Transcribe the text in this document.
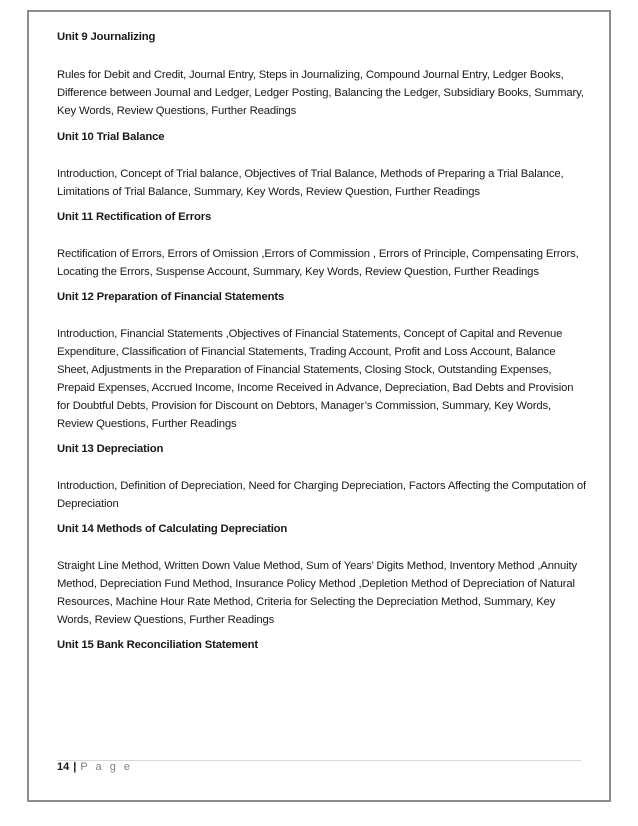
Unit 9 Journalizing

Rules for Debit and Credit, Journal Entry, Steps in Journalizing, Compound Journal Entry, Ledger Books, Difference between Journal and Ledger, Ledger Posting, Balancing the Ledger, Subsidiary Books, Summary, Key Words, Review Questions, Further Readings

Unit 10 Trial Balance

Introduction, Concept of Trial balance, Objectives of Trial Balance, Methods of Preparing a Trial Balance, Limitations of Trial Balance, Summary, Key Words, Review Question, Further Readings

Unit 11 Rectification of Errors

Rectification of Errors, Errors of Omission ,Errors of Commission , Errors of Principle, Compensating Errors, Locating the Errors, Suspense Account, Summary, Key Words, Review Question, Further Readings

Unit 12 Preparation of Financial Statements

Introduction, Financial Statements ,Objectives of Financial Statements, Concept of Capital and Revenue Expenditure, Classification of Financial Statements, Trading Account, Profit and Loss Account, Balance Sheet, Adjustments in the Preparation of Financial Statements, Closing Stock, Outstanding Expenses, Prepaid Expenses, Accrued Income, Income Received in Advance, Depreciation, Bad Debts and Provision for Doubtful Debts, Provision for Discount on Debtors, Manager’s Commission, Summary, Key Words, Review Questions, Further Readings

Unit 13 Depreciation

Introduction, Definition of Depreciation, Need for Charging Depreciation, Factors Affecting the Computation of Depreciation

Unit 14 Methods of Calculating Depreciation

Straight Line Method, Written Down Value Method, Sum of Years’ Digits Method, Inventory Method ,Annuity Method, Depreciation Fund Method, Insurance Policy Method ,Depletion Method of Depreciation of Natural Resources, Machine Hour Rate Method, Criteria for Selecting the Depreciation Method, Summary, Key Words, Review Questions, Further Readings

Unit 15 Bank Reconciliation Statement

14 | P a g e
